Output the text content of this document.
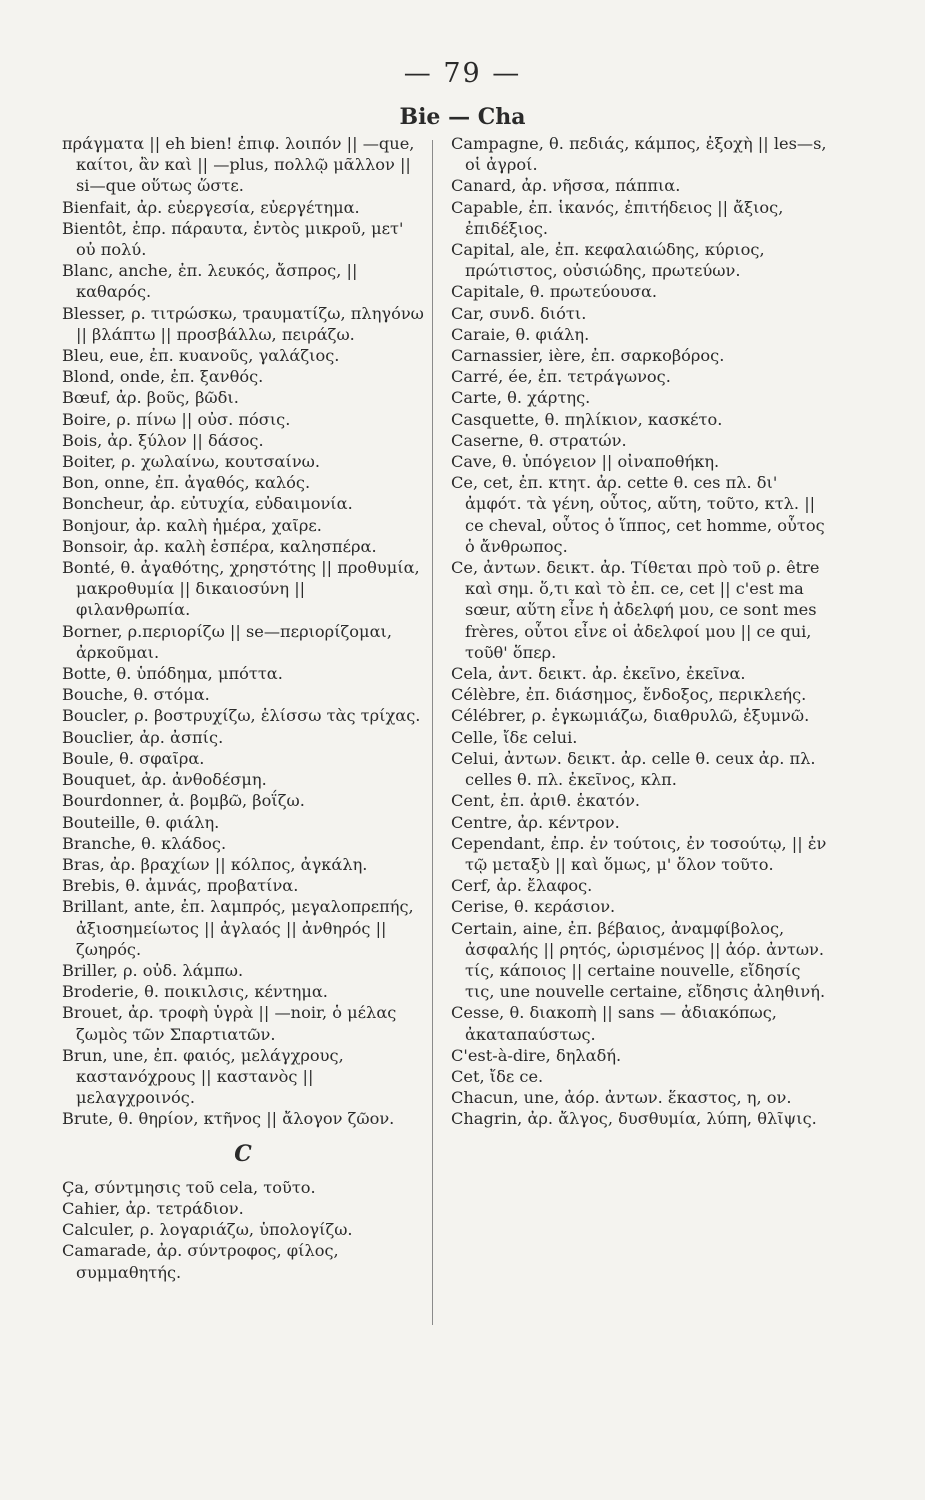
— 79 —
Bie — Cha

πράγματα || eh bien! ἐπιφ. λοιπόν || —que, καίτοι, ἂν καὶ || —plus, πολλῷ μᾶλλον || si—que οὕτως ὥστε.

Bienfait, ἀρ. εὐεργεσία, εὐεργέτημα.

Bientôt, ἐπρ. πάραυτα, ἐντὸς μικροῦ, μετ' οὐ πολύ.

Blanc, anche, ἐπ. λευκός, ἄσπρος, || καθαρός.

Blesser, ρ. τιτρώσκω, τραυματίζω, πληγόνω || βλάπτω || προσβάλλω, πειράζω.

Bleu, eue, ἐπ. κυανοῦς, γαλάζιος.

Blond, onde, ἐπ. ξανθός.

Bœuf, ἀρ. βοῦς, βῶδι.

Boire, ρ. πίνω || οὐσ. πόσις.

Bois, ἀρ. ξύλον || δάσος.

Boiter, ρ. χωλαίνω, κουτσαίνω.

Bon, onne, ἐπ. ἀγαθός, καλός.

Boncheur, ἀρ. εὐτυχία, εὐδαιμονία.

Bonjour, ἀρ. καλὴ ἡμέρα, χαῖρε.

Bonsoir, ἀρ. καλὴ ἑσπέρα, καλησπέρα.

Bonté, θ. ἀγαθότης, χρηστότης || προθυμία, μακροθυμία || δικαιοσύνη || φιλανθρωπία.

Borner, ρ.περιορίζω || se—περιορίζομαι, ἀρκοῦμαι.

Botte, θ. ὑπόδημα, μπόττα.

Bouche, θ. στόμα.

Boucler, ρ. βοστρυχίζω, ἑλίσσω τὰς τρίχας.

Bouclier, ἀρ. ἀσπίς.

Boule, θ. σφαῖρα.

Bouquet, ἀρ. ἀνθοδέσμη.

Bourdonner, ἀ. βομβῶ, βοΐζω.

Bouteille, θ. φιάλη.

Branche, θ. κλάδος.

Bras, ἀρ. βραχίων || κόλπος, ἀγκάλη.

Brebis, θ. ἀμνάς, προβατίνα.

Brillant, ante, ἐπ. λαμπρός, μεγαλοπρεπής, ἀξιοσημείωτος || ἀγλαός || ἀνθηρός || ζωηρός.

Briller, ρ. οὐδ. λάμπω.

Broderie, θ. ποικιλσις, κέντημα.

Brouet, ἀρ. τροφὴ ὑγρὰ || —noir, ὁ μέλας ζωμὸς τῶν Σπαρτιατῶν.

Brun, une, ἐπ. φαιός, μελάγχρους, καστανόχρους || καστανὸς || μελαγχροινός.

Brute, θ. θηρίον, κτῆνος || ἄλογον ζῶον.

C

Ça, σύντμησις τοῦ cela, τοῦτο.

Cahier, ἀρ. τετράδιον.

Calculer, ρ. λογαριάζω, ὑπολογίζω.

Camarade, ἀρ. σύντροφος, φίλος, συμμαθητής.

Campagne, θ. πεδιάς, κάμπος, ἐξοχὴ || les—s, οἱ ἀγροί.

Canard, ἀρ. νῆσσα, πάππια.

Capable, ἐπ. ἱκανός, ἐπιτήδειος || ἄξιος, ἐπιδέξιος.

Capital, ale, ἐπ. κεφαλαιώδης, κύριος, πρώτιστος, οὐσιώδης, πρωτεύων.

Capitale, θ. πρωτεύουσα.

Car, συνδ. διότι.

Caraie, θ. φιάλη.

Carnassier, ière, ἐπ. σαρκοβόρος.

Carré, ée, ἐπ. τετράγωνος.

Carte, θ. χάρτης.

Casquette, θ. πηλίκιον, κασκέτο.

Caserne, θ. στρατών.

Cave, θ. ὑπόγειον || οἰναποθήκη.

Ce, cet, ἐπ. κτητ. ἀρ. cette θ. ces πλ. δι' ἀμφότ. τὰ γένη, οὗτος, αὕτη, τοῦτο, κτλ. || ce cheval, οὗτος ὁ ἵππος, cet homme, οὗτος ὁ ἄνθρωπος.

Ce, ἀντων. δεικτ. ἀρ. Τίθεται πρὸ τοῦ ρ. être καὶ σημ. ὅ,τι καὶ τὸ ἐπ. ce, cet || c'est ma sœur, αὕτη εἶνε ἡ ἀδελφή μου, ce sont mes frères, οὗτοι εἶνε οἱ ἀδελφοί μου || ce qui, τοῦθ' ὅπερ.

Cela, ἀντ. δεικτ. ἀρ. ἐκεῖνο, ἐκεῖνα.

Célèbre, ἐπ. διάσημος, ἔνδοξος, περικλεής.

Célébrer, ρ. ἐγκωμιάζω, διαθρυλῶ, ἐξυμνῶ.

Celle, ἴδε celui.

Celui, ἀντων. δεικτ. ἀρ. celle θ. ceux ἀρ. πλ. celles θ. πλ. ἐκεῖνος, κλπ.

Cent, ἐπ. ἀριθ. ἑκατόν.

Centre, ἀρ. κέντρον.

Cependant, ἐπρ. ἐν τούτοις, ἐν τοσούτῳ, || ἐν τῷ μεταξὺ || καὶ ὅμως, μ' ὅλον τοῦτο.

Cerf, ἀρ. ἔλαφος.

Cerise, θ. κεράσιον.

Certain, aine, ἐπ. βέβαιος, ἀναμφίβολος, ἀσφαλής || ρητός, ὡρισμένος || ἀόρ. ἀντων. τίς, κάποιος || certaine nouvelle, εἴδησίς τις, une nouvelle certaine, εἴδησις ἀληθινή.

Cesse, θ. διακοπὴ || sans — ἀδιακόπως, ἀκαταπαύστως.

C'est-à-dire, δηλαδή.

Cet, ἴδε ce.

Chacun, une, ἀόρ. ἀντων. ἕκαστος, η, ον.

Chagrin, ἀρ. ἄλγος, δυσθυμία, λύπη, θλῖψις.
